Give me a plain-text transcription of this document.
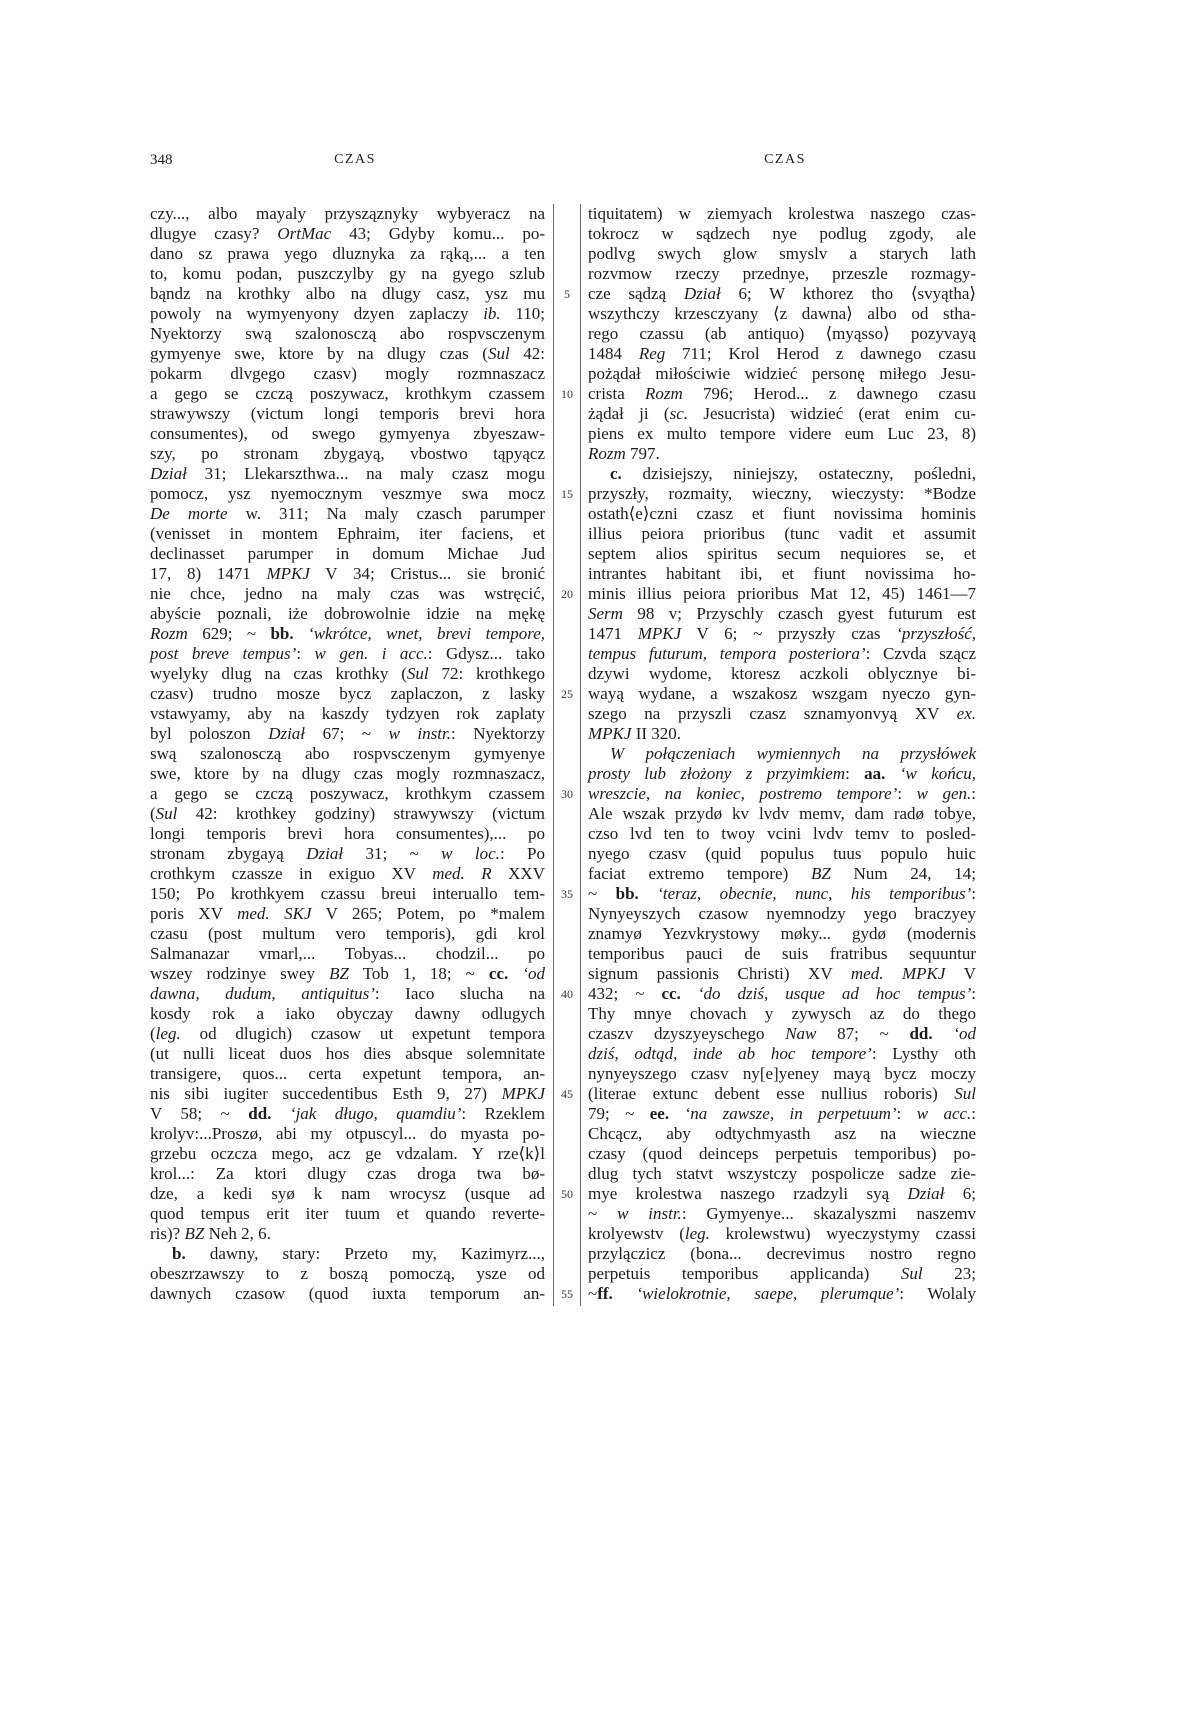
348	CZAS	CZAS
czy..., albo mayaly przysząznyky wybyeracz na
dlugye czasy? OrtMac 43; Gdyby komu... po-
dano sz prawa yego dluznyka za rąką,... a ten
to, komu podan, puszczylby gy na gyego szlub
bąndz na krothky albo na dlugy casz, ysz mu
powoly na wymyenyony dzyen zaplaczy ib. 110;
Nyektorzy swą szalonosczą abo rospvsczenym
gymyenye swe, ktore by na dlugy czas (Sul 42:
pokarm dlvgego czasv) mogly rozmnaszacz
a gego se czczą poszywacz, krothkym czassem
strawywszy (victum longi temporis brevi hora
consumentes), od swego gymyenya zbyeszaw-
szy, po stronam zbygayą, vbostwo tąpyącz
Dział 31; Llekarszthwa... na maly czasz mogu
pomocz, ysz nyemocznym veszmye swa mocz
De morte w. 311; Na maly czasch parumper
(venisset in montem Ephraim, iter faciens, et
declinasset parumper in domum Michae Jud
17, 8) 1471 MPKJ V 34; Cristus... sie bronić
nie chce, jedno na maly czas was wstręcić,
abyście poznali, iże dobrowolnie idzie na mękę
Rozm 629; ~ bb. ‘wkrótce, wnet, brevi tempore,
post breve tempus’: w gen. i acc.: Gdysz... tako
wyelyky dlug na czas krothky (Sul 72: krothkego
czasv) trudno mosze bycz zaplaczon, z lasky
vstawyamy, aby na kaszdy tydzyen rok zaplaty
byl poloszon Dział 67; ~ w instr.: Nyektorzy
swą szalonosczą abo rospvsczenym gymyenye
swe, ktore by na dlugy czas mogly rozmnaszacz,
a gego se czczą poszywacz, krothkym czassem
(Sul 42: krothkey godziny) strawywszy (victum
longi temporis brevi hora consumentes),... po
stronam zbygayą Dział 31; ~ w loc.: Po
crothkym czassze in exiguo XV med. R XXV
150; Po krothkyem czassu breui interuallo tem-
poris XV med. SKJ V 265; Potem, po *malem
czasu (post multum vero temporis), gdi krol
Salmanazar vmarl,... Tobyas... chodzil... po
wszey rodzinye swey BZ Tob 1, 18; ~ cc. ‘od
dawna, dudum, antiquitus’: Iaco slucha na
kosdy rok a iako obyczay dawny odlugych
(leg. od dlugich) czasow ut expetunt tempora
(ut nulli liceat duos hos dies absque solemnitate
transigere, quos... certa expetunt tempora, an-
nis sibi iugiter succedentibus Esth 9, 27) MPKJ
V 58; ~ dd. ‘jak długo, quamdiu’: Rzeklem
krolyv:...Proszø, abi my otpuscyl... do myasta po-
grzebu oczcza mego, acz ge vdzalam. Y rze⟨k⟩l
krol...: Za ktori dlugy czas droga twa bø-
dze, a kedi syø k nam wrocysz (usque ad
quod tempus erit iter tuum et quando reverte-
ris)? BZ Neh 2, 6.
b. dawny, stary: Przeto my, Kazimyrz...,
obeszrzawszy to z boszą pomoczą, ysze od
dawnych czasow (quod iuxta temporum an-
tiquitatem) w ziemyach krolestwa naszego czas-
tokrocz w sądzech nye podlug zgody, ale
podlvg swych glow smyslv a starych lath
rozvmow rzeczy przednye, przeszle rozmagy-
cze sądzą Dział 6; W kthorez tho ⟨svyątha⟩
wszythczy krzesczyany ⟨z dawna⟩ albo od stha-
rego czassu (ab antiquo) ⟨myąsso⟩ pozyvayą
1484 Reg 711; Krol Herod z dawnego czasu
pożądał miłościwie widzieć personę miłego Jesu-
crista Rozm 796; Herod... z dawnego czasu
żądał ji (sc. Jesucrista) widzieć (erat enim cu-
piens ex multo tempore videre eum Luc 23, 8)
Rozm 797.
c. dzisiejszy, niniejszy, ostateczny, pośledni,
przyszły, rozmaity, wieczny, wieczysty: *Bodze
ostath⟨e⟩czni czasz et fiunt novissima hominis
illius peiora prioribus (tunc vadit et assumit
septem alios spiritus secum nequiores se, et
intrantes habitant ibi, et fiunt novissima ho-
minis illius peiora prioribus Mat 12, 45) 1461—7
Serm 98 v; Przyschly czasch gyest futurum est
1471 MPKJ V 6; ~ przyszły czas ‘przyszłość,
tempus futurum, tempora posteriora’: Czvda szącz
dzywi wydome, ktoresz aczkoli oblycznye bi-
wayą wydane, a wszakosz wszgam nyeczo gyn-
szego na przyszli czasz sznamyonvyą XV ex.
MPKJ II 320.
W połączeniach wymiennych na przysłówek
prosty lub złożony z przyimkiem: aa. ‘w końcu,
wreszcie, na koniec, postremo tempore’: w gen.:
Ale wszak przydø kv lvdv memv, dam radø tobye,
czso lvd ten to twoy vcini lvdv temv to posled-
nyego czasv (quid populus tuus populo huic
faciat extremo tempore) BZ Num 24, 14;
~ bb. ‘teraz, obecnie, nunc, his temporibus’:
Nynyeyszych czasow nyemnodzy yego braczyey
znamyø Yezvkrystowy møky... gydø (modernis
temporibus pauci de suis fratribus sequuntur
signum passionis Christi) XV med. MPKJ V
432; ~ cc. ‘do dziś, usque ad hoc tempus’:
Thy mnye chovach y zywysch az do thego
czaszv dzyszyeyschego Naw 87; ~ dd. ‘od
dziś, odtąd, inde ab hoc tempore’: Lysthy oth
nynyeyszego czasv ny[e]yeney mayą bycz moczy
(literae extunc debent esse nullius roboris) Sul
79; ~ ee. ‘na zawsze, in perpetuum’: w acc.:
Chcącz, aby odtychmyasth asz na wieczne
czasy (quod deinceps perpetuis temporibus) po-
dlug tych statvt wszystczy pospolicze sadze zie-
mye krolestwa naszego rzadzyli syą Dział 6;
~ w instr.: Gymyenye... skazalyszmi naszemv
krolyewstv (leg. krolewstwu) wyeczystymy czassi
przylączicz (bona... decrevimus nostro regno
perpetuis temporibus applicanda) Sul 23;
~ff. ‘wielokrotnie, saepe, plerumque’: Wolaly
5
10
15
20
25
30
35
40
45
50
55
